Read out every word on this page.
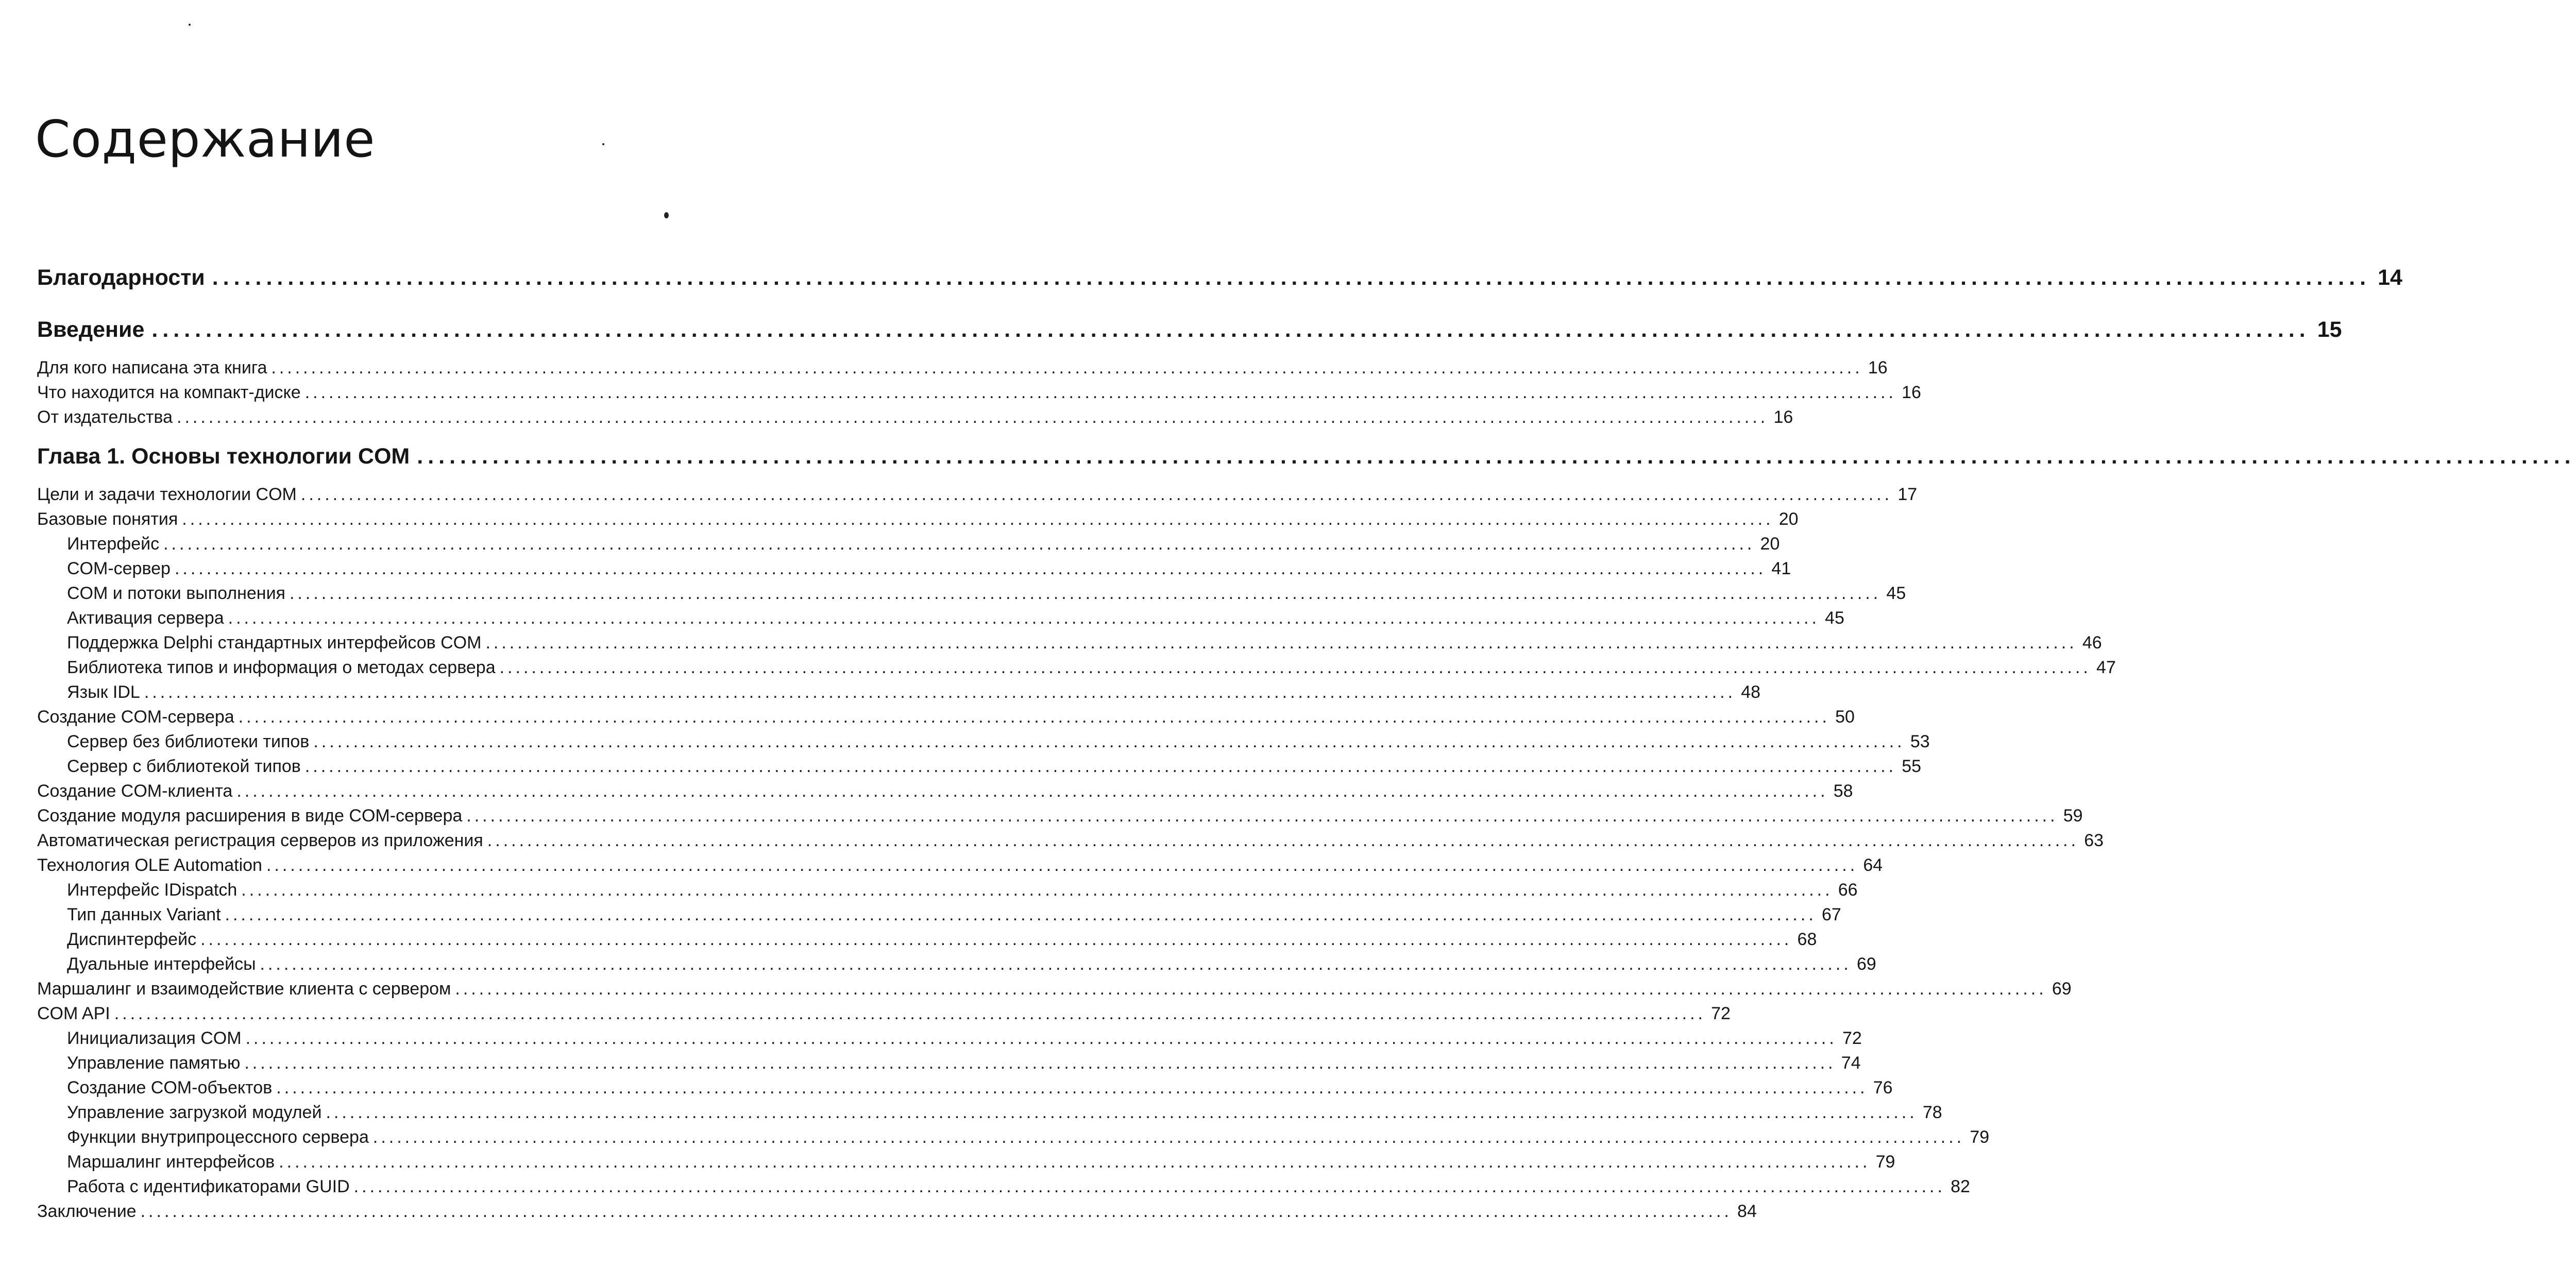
Содержание
Благодарности ........................................................................................................................................................................................................ 14
Введение ........................................................................................................................................................................................................ 15
Для кого написана эта книга ........................................................................................................................................................................................................ 16
Что находится на компакт-диске ........................................................................................................................................................................................................ 16
От издательства ........................................................................................................................................................................................................ 16
Глава 1. Основы технологии COM ........................................................................................................................................................................................................
Цели и задачи технологии COM ........................................................................................................................................................................................................ 17
Базовые понятия ........................................................................................................................................................................................................ 20
Интерфейс ........................................................................................................................................................................................................ 20
COM-сервер ........................................................................................................................................................................................................ 41
COM и потоки выполнения ........................................................................................................................................................................................................ 45
Активация сервера ........................................................................................................................................................................................................ 45
Поддержка Delphi стандартных интерфейсов COM ........................................................................................................................................................................................................ 46
Библиотека типов и информация о методах сервера ........................................................................................................................................................................................................ 47
Язык IDL ........................................................................................................................................................................................................ 48
Создание COM-сервера ........................................................................................................................................................................................................ 50
Сервер без библиотеки типов ........................................................................................................................................................................................................ 53
Сервер с библиотекой типов ........................................................................................................................................................................................................ 55
Создание COM-клиента ........................................................................................................................................................................................................ 58
Создание модуля расширения в виде COM-сервера ........................................................................................................................................................................................................ 59
Автоматическая регистрация серверов из приложения ........................................................................................................................................................................................................ 63
Технология OLE Automation ........................................................................................................................................................................................................ 64
Интерфейс IDispatch ........................................................................................................................................................................................................ 66
Тип данных Variant ........................................................................................................................................................................................................ 67
Диспинтерфейс ........................................................................................................................................................................................................ 68
Дуальные интерфейсы ........................................................................................................................................................................................................ 69
Маршалинг и взаимодействие клиента с сервером ........................................................................................................................................................................................................ 69
COM API ........................................................................................................................................................................................................ 72
Инициализация COM ........................................................................................................................................................................................................ 72
Управление памятью ........................................................................................................................................................................................................ 74
Создание COM-объектов ........................................................................................................................................................................................................ 76
Управление загрузкой модулей ........................................................................................................................................................................................................ 78
Функции внутрипроцессного сервера ........................................................................................................................................................................................................ 79
Маршалинг интерфейсов ........................................................................................................................................................................................................ 79
Работа с идентификаторами GUID ........................................................................................................................................................................................................ 82
Заключение ........................................................................................................................................................................................................ 84
